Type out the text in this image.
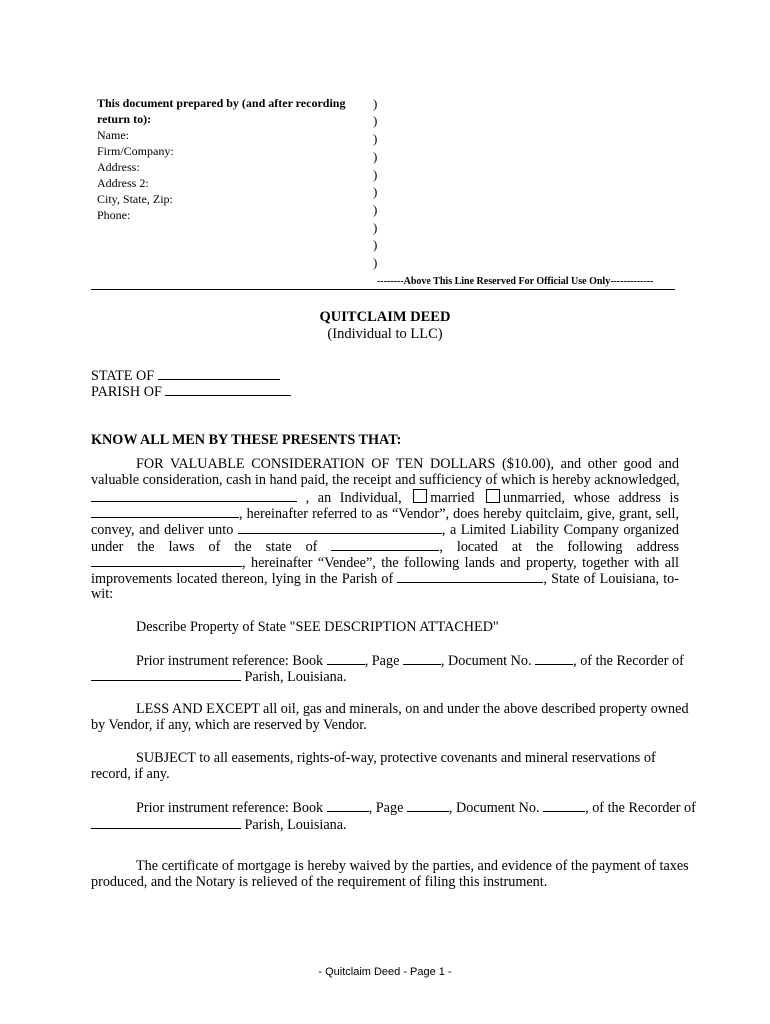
This document prepared by (and after recording
return to):
Name:
Firm/Company:
Address:
Address 2:
City, State, Zip:
Phone:
)
)
)
)
)
)
)
)
)
)
--------Above This Line Reserved For Official Use Only-------------
QUITCLAIM DEED
(Individual to LLC)
STATE OF
PARISH OF
KNOW ALL MEN BY THESE PRESENTS THAT:
FOR VALUABLE CONSIDERATION OF TEN DOLLARS ($10.00), and other good and
valuable consideration, cash in hand paid, the receipt and sufficiency of which is hereby acknowledged,
, an Individual, married unmarried, whose address is
, hereinafter referred to as “Vendor”, does hereby quitclaim, give, grant, sell,
convey, and deliver unto	, a Limited Liability Company organized
under the laws of the state of	, located at the following address
, hereinafter “Vendee”, the following lands and property, together with all
improvements located thereon, lying in the Parish of	, State of Louisiana, to-
wit:
Describe Property of State "SEE DESCRIPTION ATTACHED"
Prior instrument reference: Book	, Page	, Document No.	, of the Recorder of
Parish, Louisiana.
LESS AND EXCEPT all oil, gas and minerals, on and under the above described property owned
by Vendor, if any, which are reserved by Vendor.
SUBJECT to all easements, rights-of-way, protective covenants and mineral reservations of
record, if any.
Prior instrument reference: Book	, Page	, Document No.	, of the Recorder of
Parish, Louisiana.
The certificate of mortgage is hereby waived by the parties, and evidence of the payment of taxes
produced, and the Notary is relieved of the requirement of filing this instrument.
- Quitclaim Deed - Page 1 -
